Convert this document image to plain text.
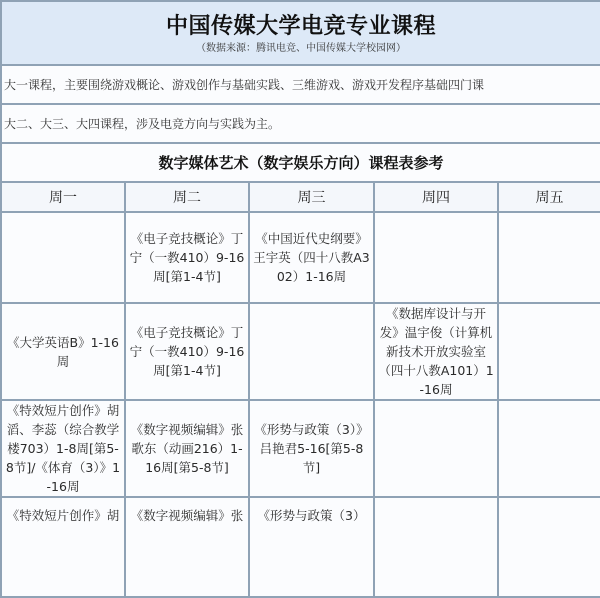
中国传媒大学电竞专业课程
（数据来源：腾讯电竞、中国传媒大学校园网）				

大一课程，主要围绕游戏概论、游戏创作与基础实践、三维游戏、游戏开发程序基础四门课				
大二、大三、大四课程，涉及电竞方向与实践为主。				
数字媒体艺术（数字娱乐方向）课程表参考				
周一	周二	周三	周四	周五
	《电子竞技概论》丁宁（一教410）9-16周[第1-4节]	《中国近代史纲要》王宇英（四十八教A302）1-16周		
《大学英语B》1-16周	《电子竞技概论》丁宁（一教410）9-16周[第1-4节]		《数据库设计与开发》温宇俊（计算机新技术开放实验室（四十八教A101）1-16周	
《特效短片创作》胡滔、李蕊（综合教学楼703）1-8周[第5-8节]/《体育（3）》1-16周	《数字视频编辑》张歌东（动画216）1-16周[第5-8节]	《形势与政策（3）》吕艳君5-16[第5-8节]		
《特效短片创作》胡	《数字视频编辑》张	《形势与政策（3）		
